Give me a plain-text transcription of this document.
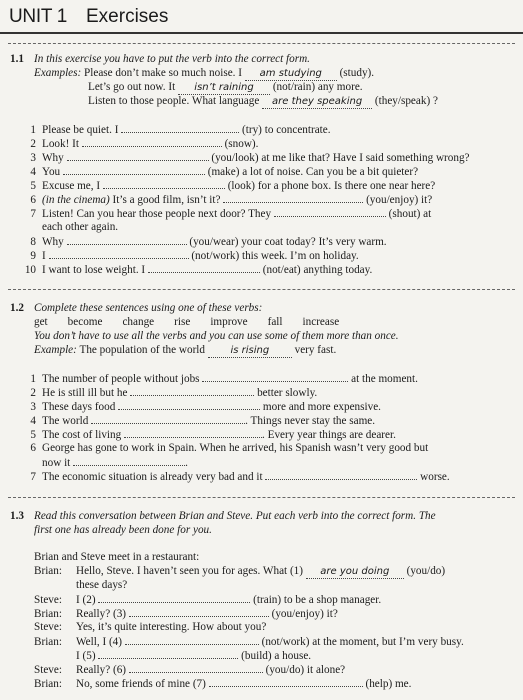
UNIT 1 Exercises
1.1 In this exercise you have to put the verb into the correct form.
Examples: Please don’t make so much noise. I am studying (study).
Let’s go out now. It isn’t raining (not/rain) any more.
Listen to those people. What language are they speaking (they/speak) ?
1 Please be quiet. I	(try) to concentrate.
2 Look! It	(snow).
3 Why	(you/look) at me like that? Have I said something wrong?
4 You	(make) a lot of noise. Can you be a bit quieter?
5 Excuse me, I	(look) for a phone box. Is there one near here?
6 (in the cinema) It’s a good film, isn’t it?	(you/enjoy) it?
7 Listen! Can you hear those people next door? They	(shout) at
each other again.
8 Why	(you/wear) your coat today? It’s very warm.
9 I	(not/work) this week. I’m on holiday.
10 I want to lose weight. I	(not/eat) anything today.
1.2 Complete these sentences using one of these verbs:
get become change rise improve fall increase
You don’t have to use all the verbs and you can use some of them more than once.
Example: The population of the world	is rising very fast.
1 The number of people without jobs	at the moment.
2 He is still ill but he	better slowly.
3 These days food	more and more expensive.
4 The world	. Things never stay the same.
5 The cost of living	. Every year things are dearer.
6 George has gone to work in Spain. When he arrived, his Spanish wasn’t very good but
now it	.
7 The economic situation is already very bad and it	worse.
1.3 Read this conversation between Brian and Steve. Put each verb into the correct form. The
first one has already been done for you.
Brian and Steve meet in a restaurant:
Brian: Hello, Steve. I haven’t seen you for ages. What (1) are you doing (you/do)
these days?
Steve: I (2)	(train) to be a shop manager.
Brian: Really? (3)	(you/enjoy) it?
Steve: Yes, it’s quite interesting. How about you?
Brian: Well, I (4)	(not/work) at the moment, but I’m very busy.
I (5)	(build) a house.
Steve: Really? (6)	(you/do) it alone?
Brian: No, some friends of mine (7)	(help) me.
